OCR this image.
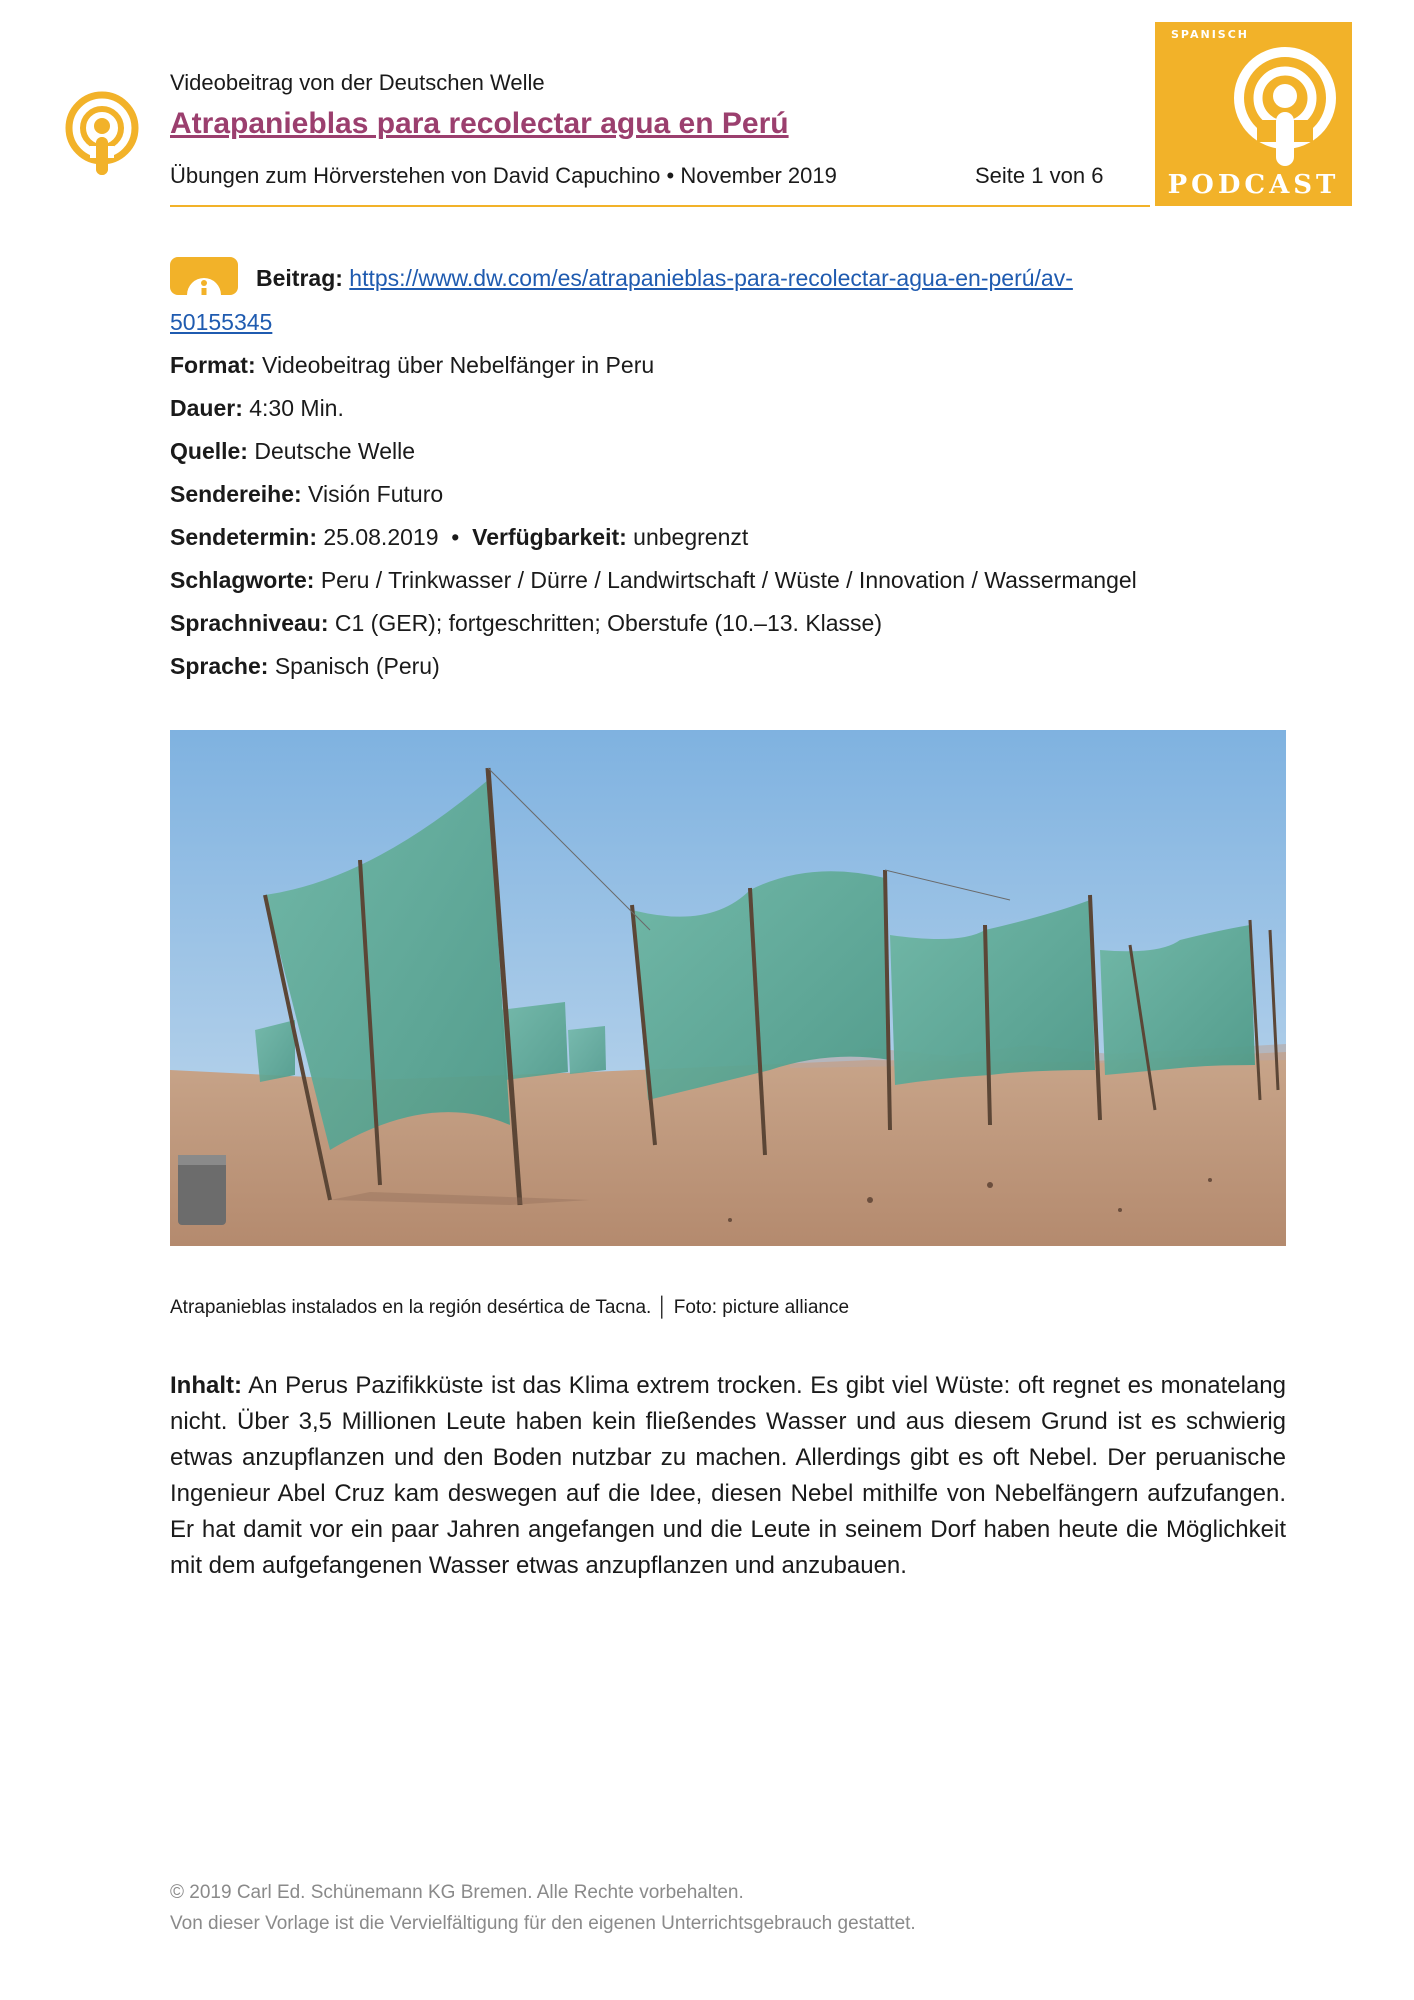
Videobeitrag von der Deutschen Welle
Atrapanieblas para recolectar agua en Perú
Übungen zum Hörverstehen von David Capuchino • November 2019	Seite 1 von 6
SPANISCH
PODCAST
Beitrag: https://www.dw.com/es/atrapanieblas-para-recolectar-agua-en-perú/av-
50155345
Format: Videobeitrag über Nebelfänger in Peru
Dauer: 4:30 Min.
Quelle: Deutsche Welle
Sendereihe: Visión Futuro
Sendetermin: 25.08.2019 • Verfügbarkeit: unbegrenzt
Schlagworte: Peru / Trinkwasser / Dürre / Landwirtschaft / Wüste / Innovation / Wassermangel
Sprachniveau: C1 (GER); fortgeschritten; Oberstufe (10.–13. Klasse)
Sprache: Spanisch (Peru)
Atrapanieblas instalados en la región desértica de Tacna. │ Foto: picture alliance
Inhalt: An Perus Pazifikküste ist das Klima extrem trocken. Es gibt viel Wüste: oft regnet es monatelang nicht. Über 3,5 Millionen Leute haben kein fließendes Wasser und aus diesem Grund ist es schwierig etwas anzupflanzen und den Boden nutzbar zu machen. Allerdings gibt es oft Nebel. Der peruanische Ingenieur Abel Cruz kam deswegen auf die Idee, diesen Nebel mithilfe von Nebelfängern aufzufangen. Er hat damit vor ein paar Jahren angefangen und die Leute in seinem Dorf haben heute die Möglichkeit mit dem aufgefangenen Wasser etwas anzupflanzen und anzubauen.
© 2019 Carl Ed. Schünemann KG Bremen. Alle Rechte vorbehalten.
Von dieser Vorlage ist die Vervielfältigung für den eigenen Unterrichtsgebrauch gestattet.
